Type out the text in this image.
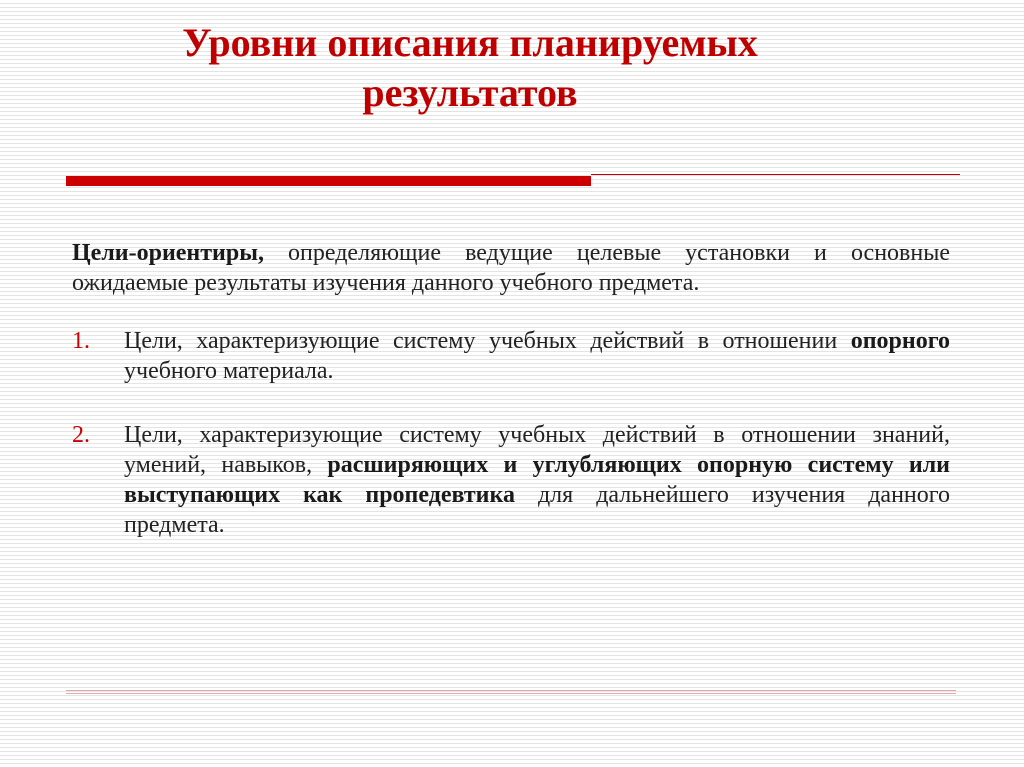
Уровни описания планируемых
результатов

Цели-ориентиры, определяющие ведущие целевые установки и основные ожидаемые результаты изучения данного учебного предмета.

1. Цели, характеризующие систему учебных действий в отношении опорного учебного материала.
2. Цели, характеризующие систему учебных действий в отношении знаний, умений, навыков, расширяющих и углубляющих опорную систему или выступающих как пропедевтика для дальнейшего изучения данного предмета.
